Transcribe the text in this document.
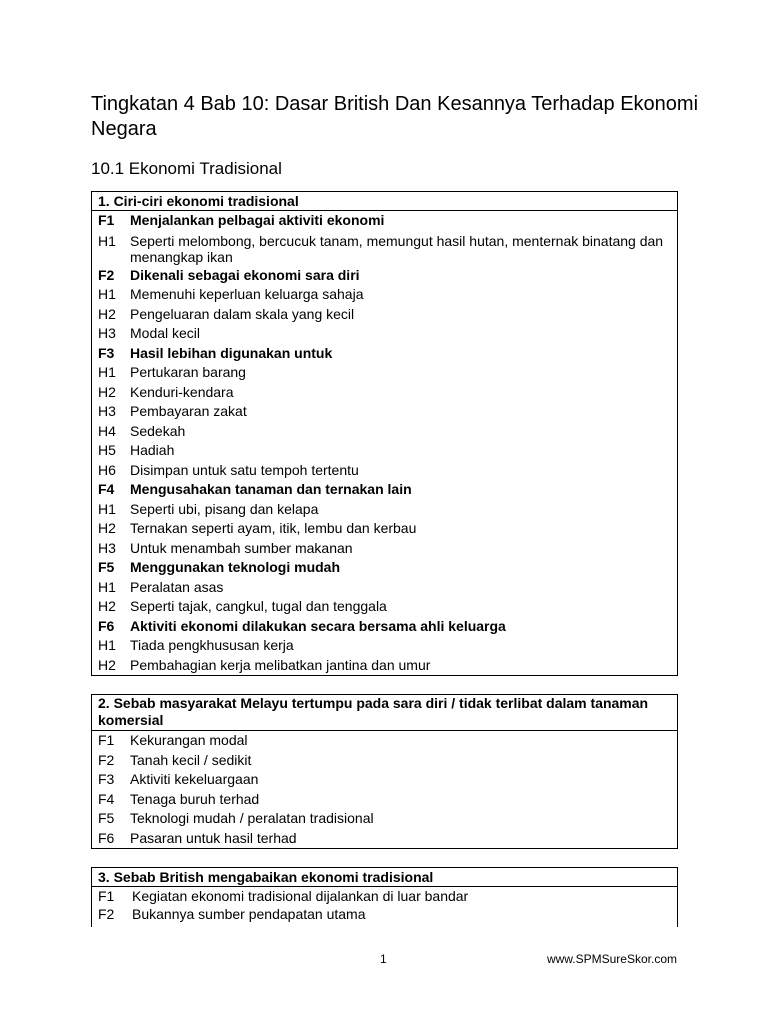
Tingkatan 4 Bab 10: Dasar British Dan Kesannya Terhadap Ekonomi Negara
10.1 Ekonomi Tradisional
1. Ciri-ciri ekonomi tradisional
F1	Menjalankan pelbagai aktiviti ekonomi
H1	Seperti melombong, bercucuk tanam, memungut hasil hutan, menternak binatang dan menangkap ikan
F2	Dikenali sebagai ekonomi sara diri
H1	Memenuhi keperluan keluarga sahaja
H2	Pengeluaran dalam skala yang kecil
H3	Modal kecil
F3	Hasil lebihan digunakan untuk
H1	Pertukaran barang
H2	Kenduri-kendara
H3	Pembayaran zakat
H4	Sedekah
H5	Hadiah
H6	Disimpan untuk satu tempoh tertentu
F4	Mengusahakan tanaman dan ternakan lain
H1	Seperti ubi, pisang dan kelapa
H2	Ternakan seperti ayam, itik, lembu dan kerbau
H3	Untuk menambah sumber makanan
F5	Menggunakan teknologi mudah
H1	Peralatan asas
H2	Seperti tajak, cangkul, tugal dan tenggala
F6	Aktiviti ekonomi dilakukan secara bersama ahli keluarga
H1	Tiada pengkhususan kerja
H2	Pembahagian kerja melibatkan jantina dan umur
2. Sebab masyarakat Melayu tertumpu pada sara diri / tidak terlibat dalam tanaman komersial
F1	Kekurangan modal
F2	Tanah kecil / sedikit
F3	Aktiviti kekeluargaan
F4	Tenaga buruh terhad
F5	Teknologi mudah / peralatan tradisional
F6	Pasaran untuk hasil terhad
3. Sebab British mengabaikan ekonomi tradisional
F1	Kegiatan ekonomi tradisional dijalankan di luar bandar
F2	Bukannya sumber pendapatan utama
1	www.SPMSureSkor.com
